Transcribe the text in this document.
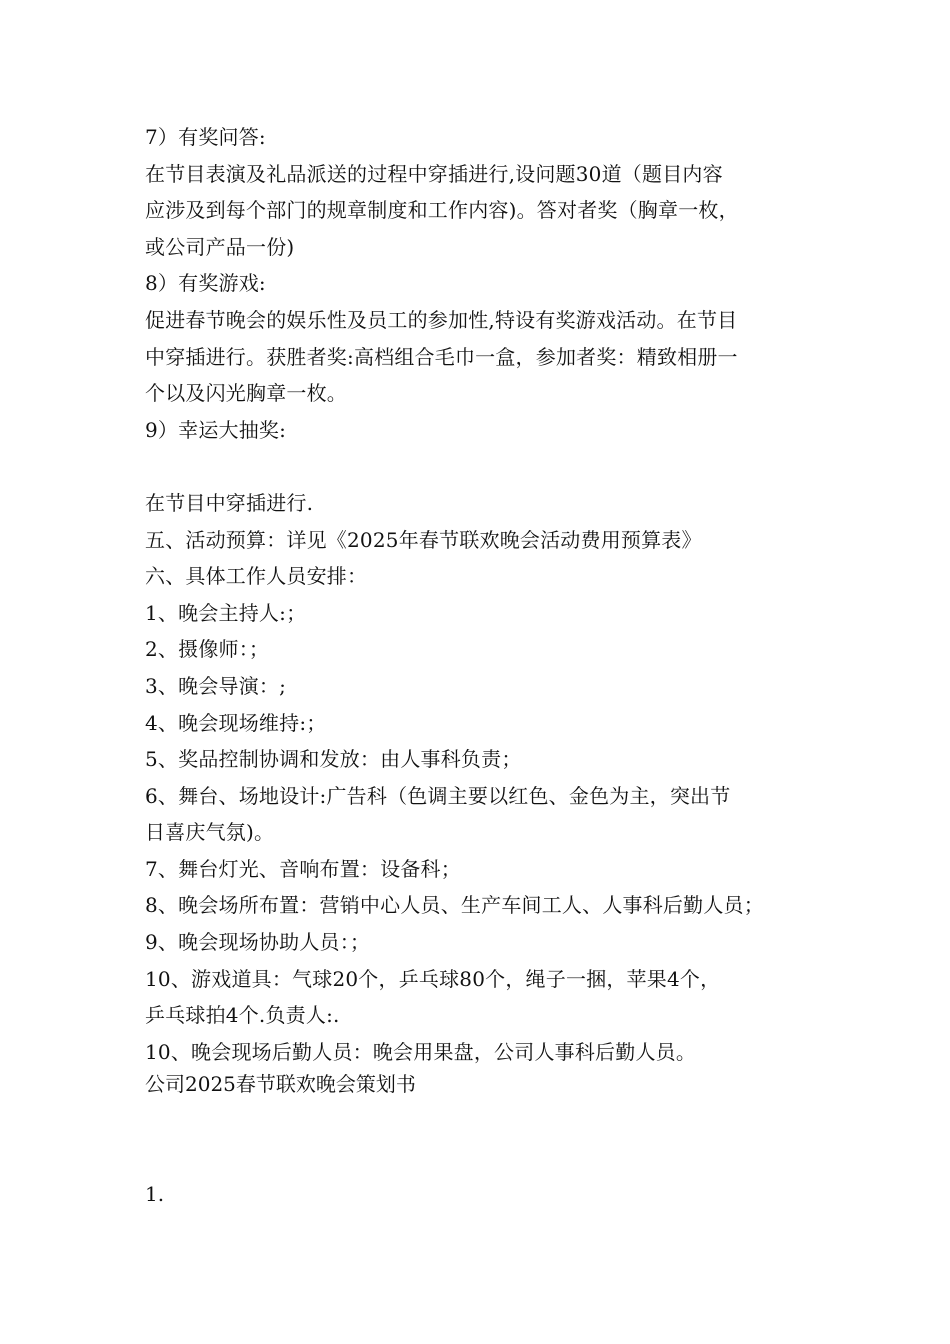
7）有奖问答:
在节目表演及礼品派送的过程中穿插进行,设问题30道（题目内容
应涉及到每个部门的规章制度和工作内容)。答对者奖（胸章一枚，
或公司产品一份)
8）有奖游戏:
促进春节晚会的娱乐性及员工的参加性,特设有奖游戏活动。在节目
中穿插进行。获胜者奖:高档组合毛巾一盒，参加者奖：精致相册一
个以及闪光胸章一枚。
9）幸运大抽奖:
在节目中穿插进行.
五、活动预算：详见《2025年春节联欢晚会活动费用预算表》
六、具体工作人员安排：
1、晚会主持人:；
2、摄像师：；
3、晚会导演：;
4、晚会现场维持:；
5、奖品控制协调和发放：由人事科负责；
6、舞台、场地设计:广告科（色调主要以红色、金色为主，突出节
日喜庆气氛)。
7、舞台灯光、音响布置：设备科；
8、晚会场所布置：营销中心人员、生产车间工人、人事科后勤人员；
9、晚会现场协助人员：；
10、游戏道具：气球20个，乒乓球80个，绳子一捆，苹果4个，
乒乓球拍4个.负责人:.
10、晚会现场后勤人员：晚会用果盘，公司人事科后勤人员。
公司2025春节联欢晚会策划书
1.
